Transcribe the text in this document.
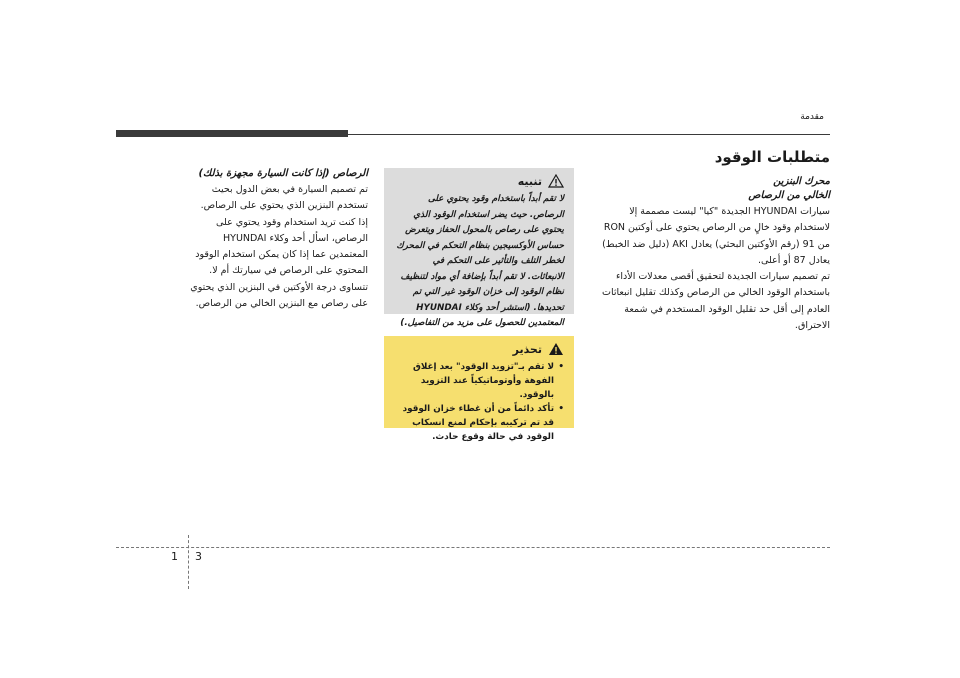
مقدمة
متطلبات الوقود
محرك البنزين
الخالي من الرصاص

سيارات HYUNDAI الجديدة "كيا" ليست مصممة إلا لاستخدام وقود خالٍ من الرصاص يحتوي على أوكتين RON من 91 (رقم الأوكتين البحثي) يعادل AKI (دليل ضد الخبط) يعادل 87 أو أعلى.

تم تصميم سيارات الجديدة لتحقيق أقصى معدلات الأداء باستخدام الوقود الخالي من الرصاص وكذلك تقليل انبعاثات العادم إلى أقل حد تقليل الوقود المستخدم في شمعة الاحتراق.

تنبيه

لا تقم أبداً باستخدام وقود يحتوي على الرصاص. حيث يضر استخدام الوقود الذي يحتوي على رصاص بالمحول الحفاز ويتعرض حساس الأوكسيجين بنظام التحكم في المحرك لخطر التلف والتأثير على التحكم في الانبعاثات. لا تقم أبداً بإضافة أي مواد لتنظيف نظام الوقود إلى خزان الوقود غير التي تم تحديدها. (استشر أحد وكلاء HYUNDAI المعتمدين للحصول على مزيد من التفاصيل.)

تحذير
• لا تقم بـ"تزويد الوقود" بعد إغلاق الفوهة وأوتوماتيكياً عند التزويد بالوقود.
• تأكد دائماً من أن غطاء خزان الوقود قد تم تركيبه بإحكام لمنع انسكاب الوقود في حالة وقوع حادث.
الرصاص (إذا كانت السيارة مجهزة بذلك)

تم تصميم السيارة في بعض الدول بحيث تستخدم البنزين الذي يحتوي على الرصاص.

إذا كنت تريد استخدام وقود يحتوي على الرصاص، اسأل أحد وكلاء HYUNDAI المعتمدين عما إذا كان يمكن استخدام الوقود المحتوي على الرصاص في سيارتك أم لا.

تتساوى درجة الأوكتين في البنزين الذي يحتوي على رصاص مع البنزين الخالي من الرصاص.

1 3
